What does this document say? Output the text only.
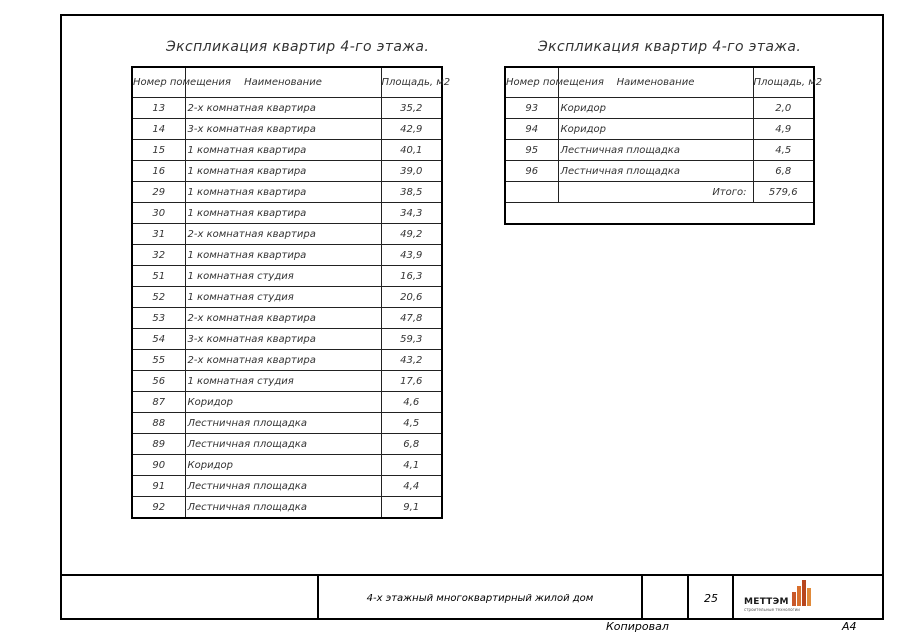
Экспликация квартир 4-го этажа.
Номер помещения	Наименование	Площадь, м2
13	2-х комнатная квартира	35,2
14	3-х комнатная квартира	42,9
15	1 комнатная квартира	40,1
16	1 комнатная квартира	39,0
29	1 комнатная квартира	38,5
30	1 комнатная квартира	34,3
31	2-х комнатная квартира	49,2
32	1 комнатная квартира	43,9
51	1 комнатная студия	16,3
52	1 комнатная студия	20,6
53	2-х комнатная квартира	47,8
54	3-х комнатная квартира	59,3
55	2-х комнатная квартира	43,2
56	1 комнатная студия	17,6
87	Коридор	4,6
88	Лестничная площадка	4,5
89	Лестничная площадка	6,8
90	Коридор	4,1
91	Лестничная площадка	4,4
92	Лестничная площадка	9,1
Экспликация квартир 4-го этажа.
Номер помещения	Наименование	Площадь, м2
93	Коридор	2,0
94	Коридор	4,9
95	Лестничная площадка	4,5
96	Лестничная площадка	6,8
	Итого:	579,6

4-х этажный многоквартирный жилой дом	25	МЕТТЭМ
строительные технологии
Копировал	А4
